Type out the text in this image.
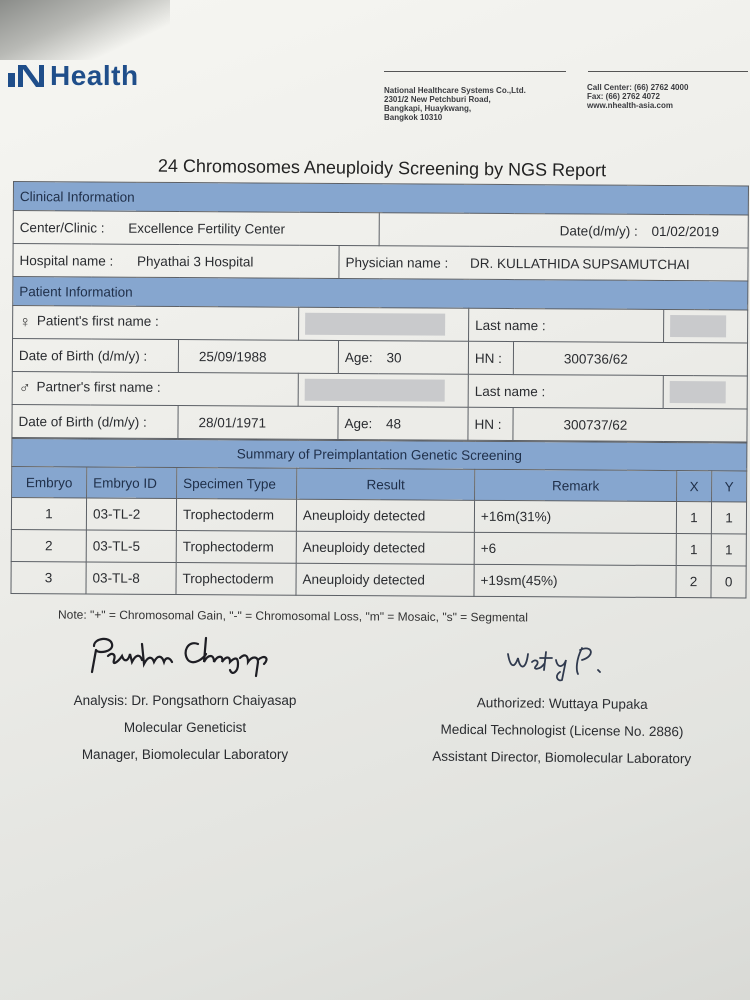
Health	National Healthcare Systems Co.,Ltd.
2301/2 New Petchburi Road,
Bangkapi, Huaykwang,
Bangkok 10310
Call Center: (66) 2762 4000
Fax: (66) 2762 4072
www.nhealth-asia.com
24 Chromosomes Aneuploidy Screening by NGS Report
Clinical Information							
Center/Clinic : Excellence Fertility Center				Date(d/m/y) : 01/02/2019			
Hospital name : Phyathai 3 Hospital			Physician name : DR. KULLATHIDA SUPSAMUTCHAI				
Patient Information							
♀ Patient's first name :					Last name :		
Date of Birth (d/m/y) :	25/09/1988		Age: 30		HN :	300736/62	
♂ Partner's first name :					Last name :		
Date of Birth (d/m/y) :	28/01/1971		Age: 48		HN :	300737/62	
Summary of Preimplantation Genetic Screening						
Embryo	Embryo ID	Specimen Type	Result	Remark	X	Y
1	03-TL-2	Trophectoderm	Aneuploidy detected	+16m(31%)	1	1
2	03-TL-5	Trophectoderm	Aneuploidy detected	+6	1	1
3	03-TL-8	Trophectoderm	Aneuploidy detected	+19sm(45%)	2	0
Note: "+" = Chromosomal Gain, "-" = Chromosomal Loss, "m" = Mosaic, "s" = Segmental
Analysis: Dr. Pongsathorn Chaiyasap
Molecular Geneticist
Manager, Biomolecular Laboratory
Authorized: Wuttaya Pupaka
Medical Technologist (License No. 2886)
Assistant Director, Biomolecular Laboratory
